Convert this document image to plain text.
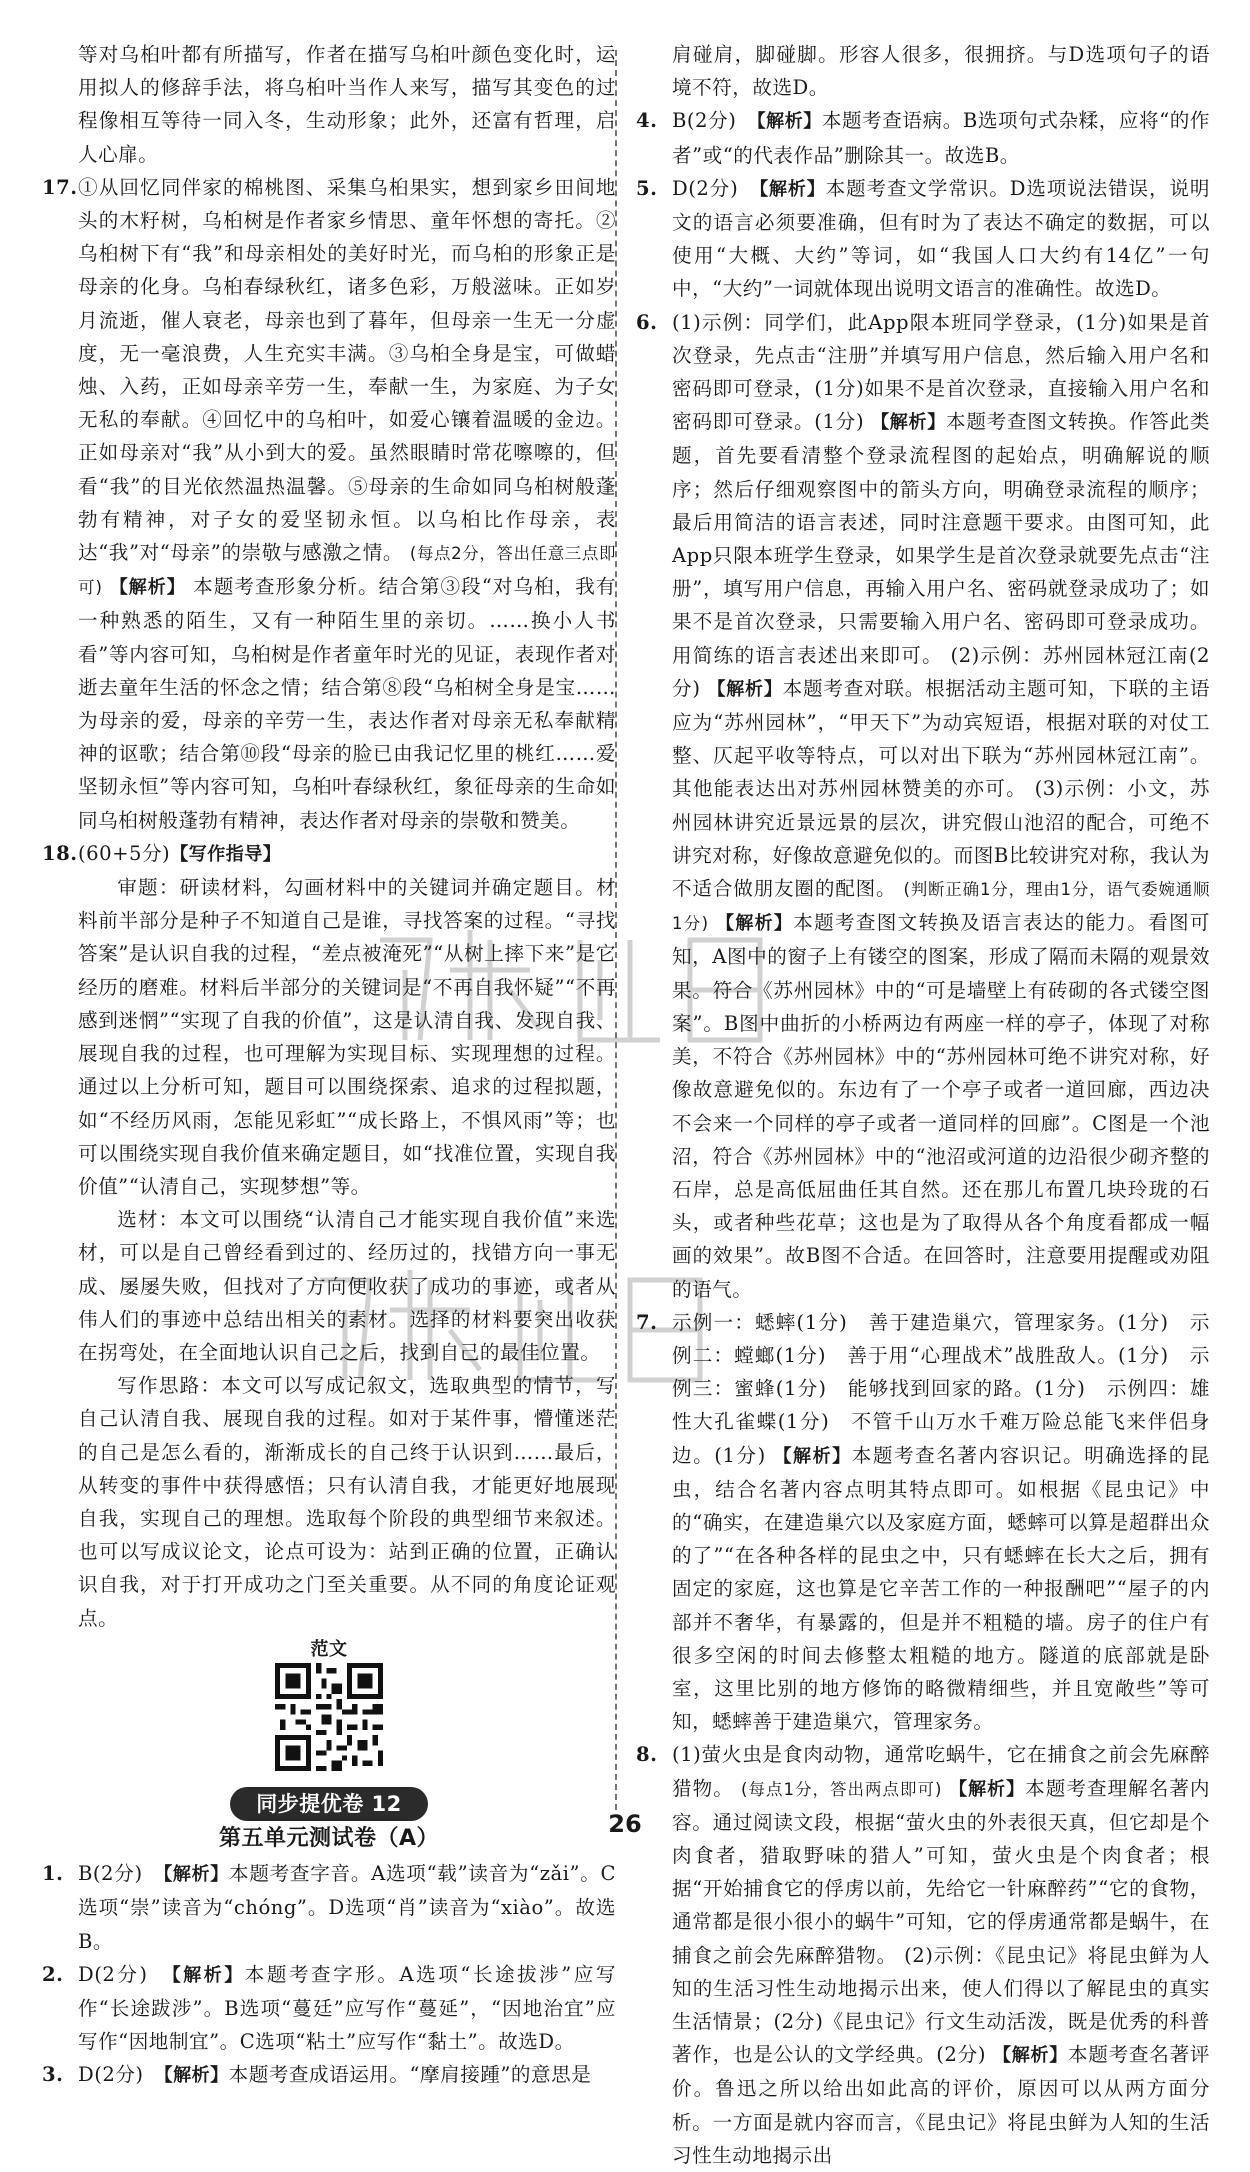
等对乌桕叶都有所描写，作者在描写乌桕叶颜色变化时，运用拟人的修辞手法，将乌桕叶当作人来写，描写其变色的过程像相互等待一同入冬，生动形象；此外，还富有哲理，启人心扉。

17. ①从回忆同伴家的棉桃图、采集乌桕果实，想到家乡田间地头的木籽树，乌桕树是作者家乡情思、童年怀想的寄托。②乌桕树下有“我”和母亲相处的美好时光，而乌桕的形象正是母亲的化身。乌桕春绿秋红，诸多色彩，万般滋味。正如岁月流逝，催人衰老，母亲也到了暮年，但母亲一生无一分虚度，无一毫浪费，人生充实丰满。③乌桕全身是宝，可做蜡烛、入药，正如母亲辛劳一生，奉献一生，为家庭、为子女无私的奉献。④回忆中的乌桕叶，如爱心镶着温暖的金边。正如母亲对“我”从小到大的爱。虽然眼睛时常花嚓嚓的，但看“我”的目光依然温热温馨。⑤母亲的生命如同乌桕树般蓬勃有精神，对子女的爱坚韧永恒。以乌桕比作母亲，表达“我”对“母亲”的崇敬与感激之情。 (每点2分，答出任意三点即可) 【解析】 本题考查形象分析。结合第③段“对乌桕，我有一种熟悉的陌生，又有一种陌生里的亲切。……换小人书看”等内容可知，乌桕树是作者童年时光的见证，表现作者对逝去童年生活的怀念之情；结合第⑧段“乌桕树全身是宝……为母亲的爱，母亲的辛劳一生，表达作者对母亲无私奉献精神的讴歌；结合第⑩段“母亲的脸已由我记忆里的桃红……爱坚韧永恒”等内容可知，乌桕叶春绿秋红，象征母亲的生命如同乌桕树般蓬勃有精神，表达作者对母亲的崇敬和赞美。
18. (60+5分)【写作指导】

审题：研读材料，勾画材料中的关键词并确定题目。材料前半部分是种子不知道自己是谁，寻找答案的过程。“寻找答案”是认识自我的过程，“差点被淹死”“从树上摔下来”是它经历的磨难。材料后半部分的关键词是“不再自我怀疑”“不再感到迷惘”“实现了自我的价值”，这是认清自我、发现自我、展现自我的过程，也可理解为实现目标、实现理想的过程。通过以上分析可知，题目可以围绕探索、追求的过程拟题，如“不经历风雨，怎能见彩虹”“成长路上，不惧风雨”等；也可以围绕实现自我价值来确定题目，如“找准位置，实现自我价值”“认清自己，实现梦想”等。

选材：本文可以围绕“认清自己才能实现自我价值”来选材，可以是自己曾经看到过的、经历过的，找错方向一事无成、屡屡失败，但找对了方向便收获了成功的事迹，或者从伟人们的事迹中总结出相关的素材。选择的材料要突出收获在拐弯处，在全面地认识自己之后，找到自己的最佳位置。

写作思路：本文可以写成记叙文，选取典型的情节，写自己认清自我、展现自我的过程。如对于某件事，懵懂迷茫的自己是怎么看的，渐渐成长的自己终于认识到……最后，从转变的事件中获得感悟；只有认清自我，才能更好地展现自我，实现自己的理想。选取每个阶段的典型细节来叙述。也可以写成议论文，论点可设为：站到正确的位置，正确认识自我，对于打开成功之门至关重要。从不同的角度论证观点。

范文
同步提优卷 12
第五单元测试卷（A）
1. B(2分)　 【解析】本题考查字音。A选项“载”读音为“zǎi”。C选项“崇”读音为“chóng”。D选项“肖”读音为“xiào”。故选B。
2. D(2分)　 【解析】本题考查字形。A选项“长途拔涉”应写作“长途跋涉”。B选项“蔓廷”应写作“蔓延”，“因地治宜”应写作“因地制宜”。C选项“粘土”应写作“黏土”。故选D。
3. D(2分)　 【解析】本题考查成语运用。“摩肩接踵”的意思是

肩碰肩，脚碰脚。形容人很多，很拥挤。与D选项句子的语境不符，故选D。

4. B(2分)　 【解析】本题考查语病。B选项句式杂糅，应将“的作者”或“的代表作品”删除其一。故选B。
5. D(2分)　 【解析】本题考查文学常识。D选项说法错误，说明文的语言必须要准确，但有时为了表达不确定的数据，可以使用“大概、大约”等词，如“我国人口大约有14亿”一句中，“大约”一词就体现出说明文语言的准确性。故选D。
6. (1)示例：同学们，此App限本班同学登录，(1分)如果是首次登录，先点击“注册”并填写用户信息，然后输入用户名和密码即可登录，(1分)如果不是首次登录，直接输入用户名和密码即可登录。(1分) 【解析】本题考查图文转换。作答此类题，首先要看清整个登录流程图的起始点，明确解说的顺序；然后仔细观察图中的箭头方向，明确登录流程的顺序；最后用简洁的语言表述，同时注意题干要求。由图可知，此App只限本班学生登录，如果学生是首次登录就要先点击“注册”，填写用户信息，再输入用户名、密码就登录成功了；如果不是首次登录，只需要输入用户名、密码即可登录成功。用简练的语言表述出来即可。 (2)示例：苏州园林冠江南(2分) 【解析】本题考查对联。根据活动主题可知，下联的主语应为“苏州园林”，“甲天下”为动宾短语，根据对联的对仗工整、仄起平收等特点，可以对出下联为“苏州园林冠江南”。其他能表达出对苏州园林赞美的亦可。 (3)示例：小文，苏州园林讲究近景远景的层次，讲究假山池沼的配合，可绝不讲究对称，好像故意避免似的。而图B比较讲究对称，我认为不适合做朋友圈的配图。 (判断正确1分，理由1分，语气委婉通顺1分) 【解析】本题考查图文转换及语言表达的能力。看图可知，A图中的窗子上有镂空的图案，形成了隔而未隔的观景效果。符合《苏州园林》中的“可是墙壁上有砖砌的各式镂空图案”。B图中曲折的小桥两边有两座一样的亭子，体现了对称美，不符合《苏州园林》中的“苏州园林可绝不讲究对称，好像故意避免似的。东边有了一个亭子或者一道回廊，西边决不会来一个同样的亭子或者一道同样的回廊”。C图是一个池沼，符合《苏州园林》中的“池沼或河道的边沿很少砌齐整的石岸，总是高低屈曲任其自然。还在那儿布置几块玲珑的石头，或者种些花草；这也是为了取得从各个角度看都成一幅画的效果”。故B图不合适。在回答时，注意要用提醒或劝阻的语气。
7. 示例一：蟋蟀(1分)　善于建造巢穴，管理家务。(1分)　示例二：螳螂(1分)　善于用“心理战术”战胜敌人。(1分)　示例三：蜜蜂(1分)　能够找到回家的路。(1分)　示例四：雄性大孔雀蝶(1分)　不管千山万水千难万险总能飞来伴侣身边。(1分) 【解析】本题考查名著内容识记。明确选择的昆虫，结合名著内容点明其特点即可。如根据《昆虫记》中的“确实，在建造巢穴以及家庭方面，蟋蟀可以算是超群出众的了”“在各种各样的昆虫之中，只有蟋蟀在长大之后，拥有固定的家庭，这也算是它辛苦工作的一种报酬吧”“屋子的内部并不奢华，有暴露的，但是并不粗糙的墙。房子的住户有很多空闲的时间去修整太粗糙的地方。隧道的底部就是卧室，这里比别的地方修饰的略微精细些，并且宽敞些”等可知，蟋蟀善于建造巢穴，管理家务。
8. (1)萤火虫是食肉动物，通常吃蜗牛，它在捕食之前会先麻醉猎物。 (每点1分，答出两点即可) 【解析】本题考查理解名著内容。通过阅读文段，根据“萤火虫的外表很天真，但它却是个肉食者，猎取野味的猎人”可知，萤火虫是个肉食者；根据“开始捕食它的俘虏以前，先给它一针麻醉药”“它的食物，通常都是很小很小的蜗牛”可知，它的俘虏通常都是蜗牛，在捕食之前会先麻醉猎物。 (2)示例：《昆虫记》将昆虫鲜为人知的生活习性生动地揭示出来，使人们得以了解昆虫的真实生活情景；(2分)《昆虫记》行文生动活泼，既是优秀的科普著作，也是公认的文学经典。(2分) 【解析】本题考查名著评价。鲁迅之所以给出如此高的评价，原因可以从两方面分析。一方面是就内容而言，《昆虫记》将昆虫鲜为人知的生活习性生动地揭示出
26
